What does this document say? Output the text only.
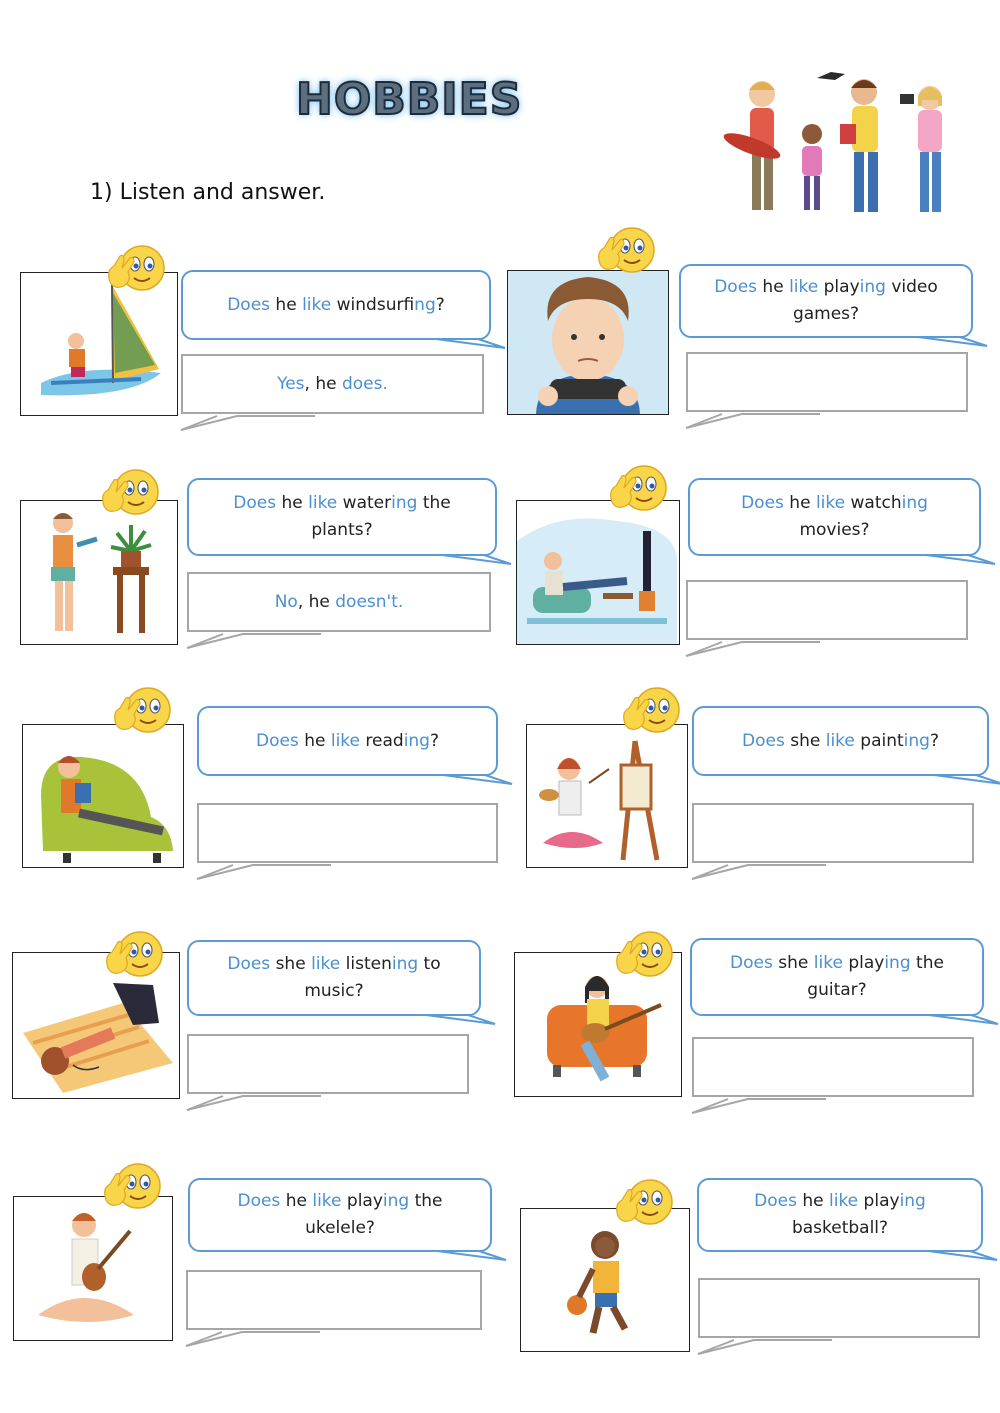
HOBBIES
1) Listen and answer.
Does he like windsurfing?
Yes, he does.
Does he like playing video games?
Does he like watering the plants?
No, he doesn't.
Does he like watching movies?
Does he like reading?	Does she like painting?
Does she like listening to music?
Does she like playing the guitar?
Does he like playing the ukelele?
Does he like playing basketball?
